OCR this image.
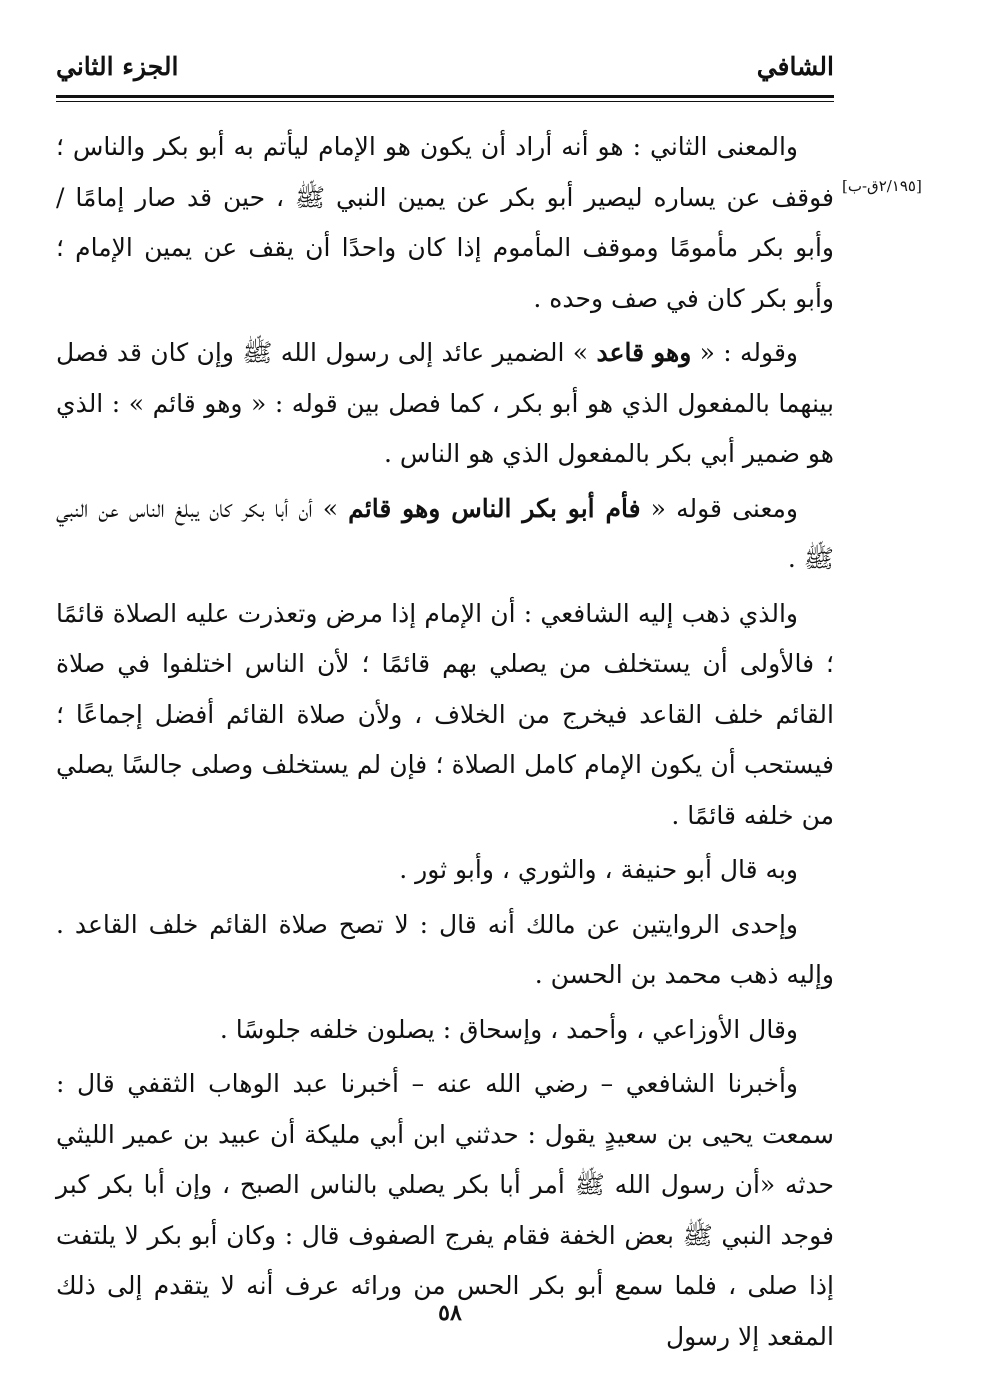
الشافي
الجزء الثاني
[٢/١٩٥ق-ب]

والمعنى الثاني : هو أنه أراد أن يكون هو الإمام ليأتم به أبو بكر والناس ؛ فوقف عن يساره ليصير أبو بكر عن يمين النبي ﷺ ، حين قد صار إمامًا / وأبو بكر مأمومًا وموقف المأموم إذا كان واحدًا أن يقف عن يمين الإمام ؛ وأبو بكر كان في صف وحده .

وقوله : « وهو قاعد » الضمير عائد إلى رسول الله ﷺ وإن كان قد فصل بينهما بالمفعول الذي هو أبو بكر ، كما فصل بين قوله : « وهو قائم » : الذي هو ضمير أبي بكر بالمفعول الذي هو الناس .

ومعنى قوله « فأم أبو بكر الناس وهو قائم » أن أبا بكر كان يبلغ الناس عن النبي ﷺ .

والذي ذهب إليه الشافعي : أن الإمام إذا مرض وتعذرت عليه الصلاة قائمًا ؛ فالأولى أن يستخلف من يصلي بهم قائمًا ؛ لأن الناس اختلفوا في صلاة القائم خلف القاعد فيخرج من الخلاف ، ولأن صلاة القائم أفضل إجماعًا ؛ فيستحب أن يكون الإمام كامل الصلاة ؛ فإن لم يستخلف وصلى جالسًا يصلي من خلفه قائمًا .

وبه قال أبو حنيفة ، والثوري ، وأبو ثور .

وإحدى الروايتين عن مالك أنه قال : لا تصح صلاة القائم خلف القاعد . وإليه ذهب محمد بن الحسن .

وقال الأوزاعي ، وأحمد ، وإسحاق : يصلون خلفه جلوسًا .

وأخبرنا الشافعي – رضي الله عنه – أخبرنا عبد الوهاب الثقفي قال : سمعت يحيى بن سعيدٍ يقول : حدثني ابن أبي مليكة أن عبيد بن عمير الليثي حدثه «أن رسول الله ﷺ أمر أبا بكر يصلي بالناس الصبح ، وإن أبا بكر كبر فوجد النبي ﷺ بعض الخفة فقام يفرج الصفوف قال : وكان أبو بكر لا يلتفت إذا صلى ، فلما سمع أبو بكر الحس من ورائه عرف أنه لا يتقدم إلى ذلك المقعد إلا رسول

٥٨
